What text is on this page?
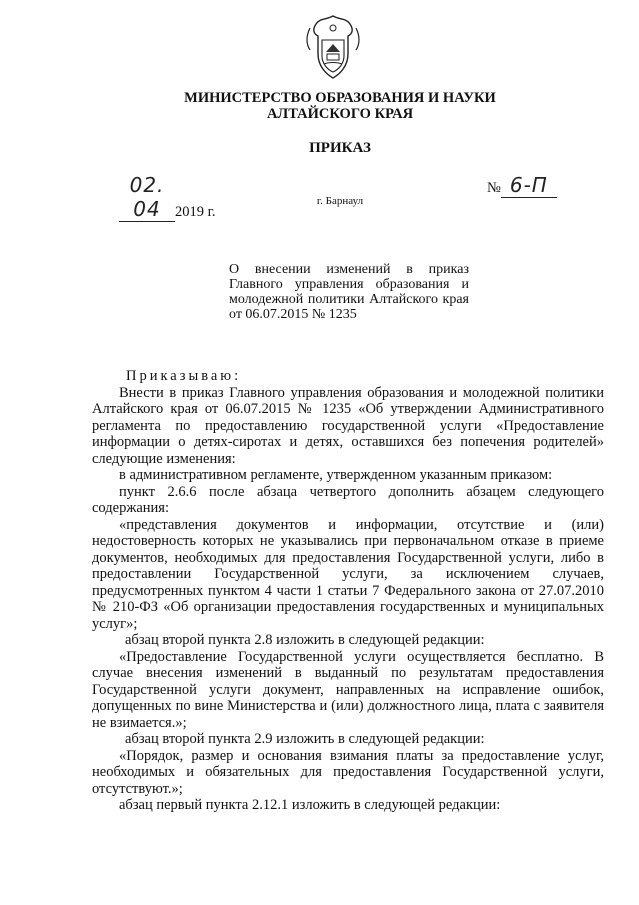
МИНИСТЕРСТВО ОБРАЗОВАНИЯ И НАУКИ
АЛТАЙСКОГО КРАЯ
ПРИКАЗ
02. 04 2019 г.
№ 6-П
г. Барнаул
О внесении изменений в приказ Главного управления образования и молодежной политики Алтайского края от 06.07.2015 № 1235

Приказываю:

Внести в приказ Главного управления образования и молодежной политики Алтайского края от 06.07.2015 № 1235 «Об утверждении Административного регламента по предоставлению государственной услуги «Предоставление информации о детях-сиротах и детях, оставшихся без попечения родителей» следующие изменения:

в административном регламенте, утвержденном указанным приказом:

пункт 2.6.6 после абзаца четвертого дополнить абзацем следующего содержания:

«представления документов и информации, отсутствие и (или) недостоверность которых не указывались при первоначальном отказе в приеме документов, необходимых для предоставления Государственной услуги, либо в предоставлении Государственной услуги, за исключением случаев, предусмотренных пунктом 4 части 1 статьи 7 Федерального закона от 27.07.2010 № 210-ФЗ «Об организации предоставления государственных и муниципальных услуг»;

абзац второй пункта 2.8 изложить в следующей редакции:

«Предоставление Государственной услуги осуществляется бесплатно. В случае внесения изменений в выданный по результатам предоставления Государственной услуги документ, направленных на исправление ошибок, допущенных по вине Министерства и (или) должностного лица, плата с заявителя не взимается.»;

абзац второй пункта 2.9 изложить в следующей редакции:

«Порядок, размер и основания взимания платы за предоставление услуг, необходимых и обязательных для предоставления Государственной услуги, отсутствуют.»;

абзац первый пункта 2.12.1 изложить в следующей редакции:
